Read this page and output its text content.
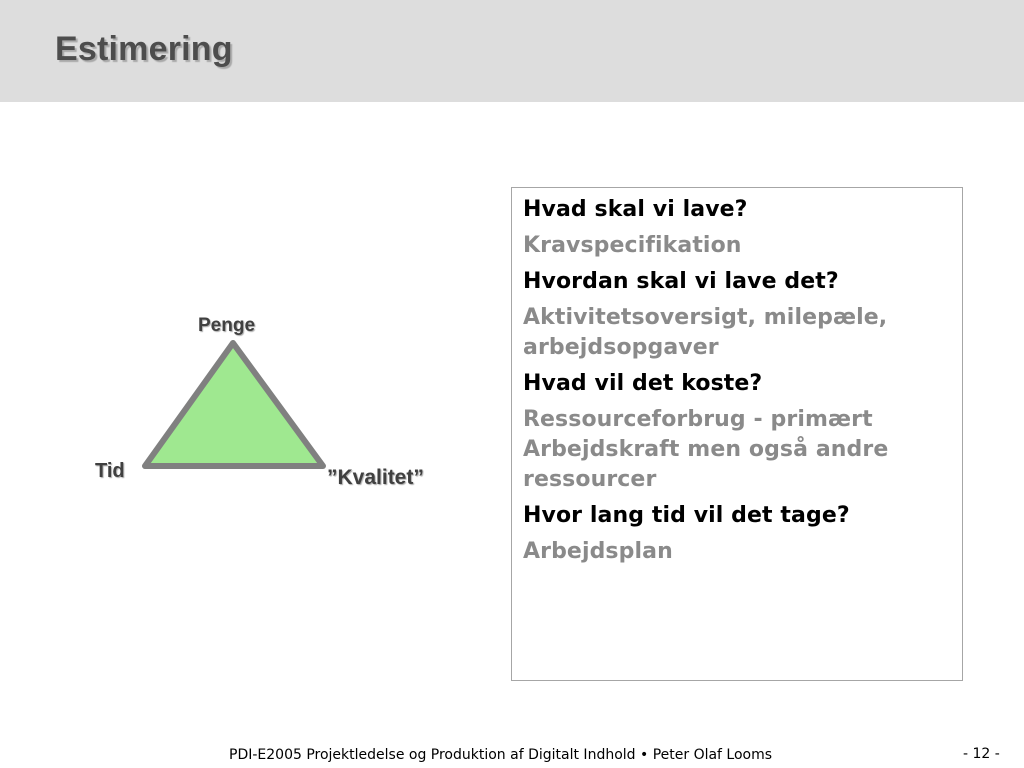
Estimering
Penge
Tid	”Kvalitet”
Hvad skal vi lave?
Kravspecifikation
Hvordan skal vi lave det?
Aktivitetsoversigt, milepæle, arbejdsopgaver
Hvad vil det koste?
Ressourceforbrug - primært Arbejdskraft men også andre ressourcer
Hvor lang tid vil det tage?
Arbejdsplan
PDI-E2005 Projektledelse og Produktion af Digitalt Indhold • Peter Olaf Looms	- 12 -
